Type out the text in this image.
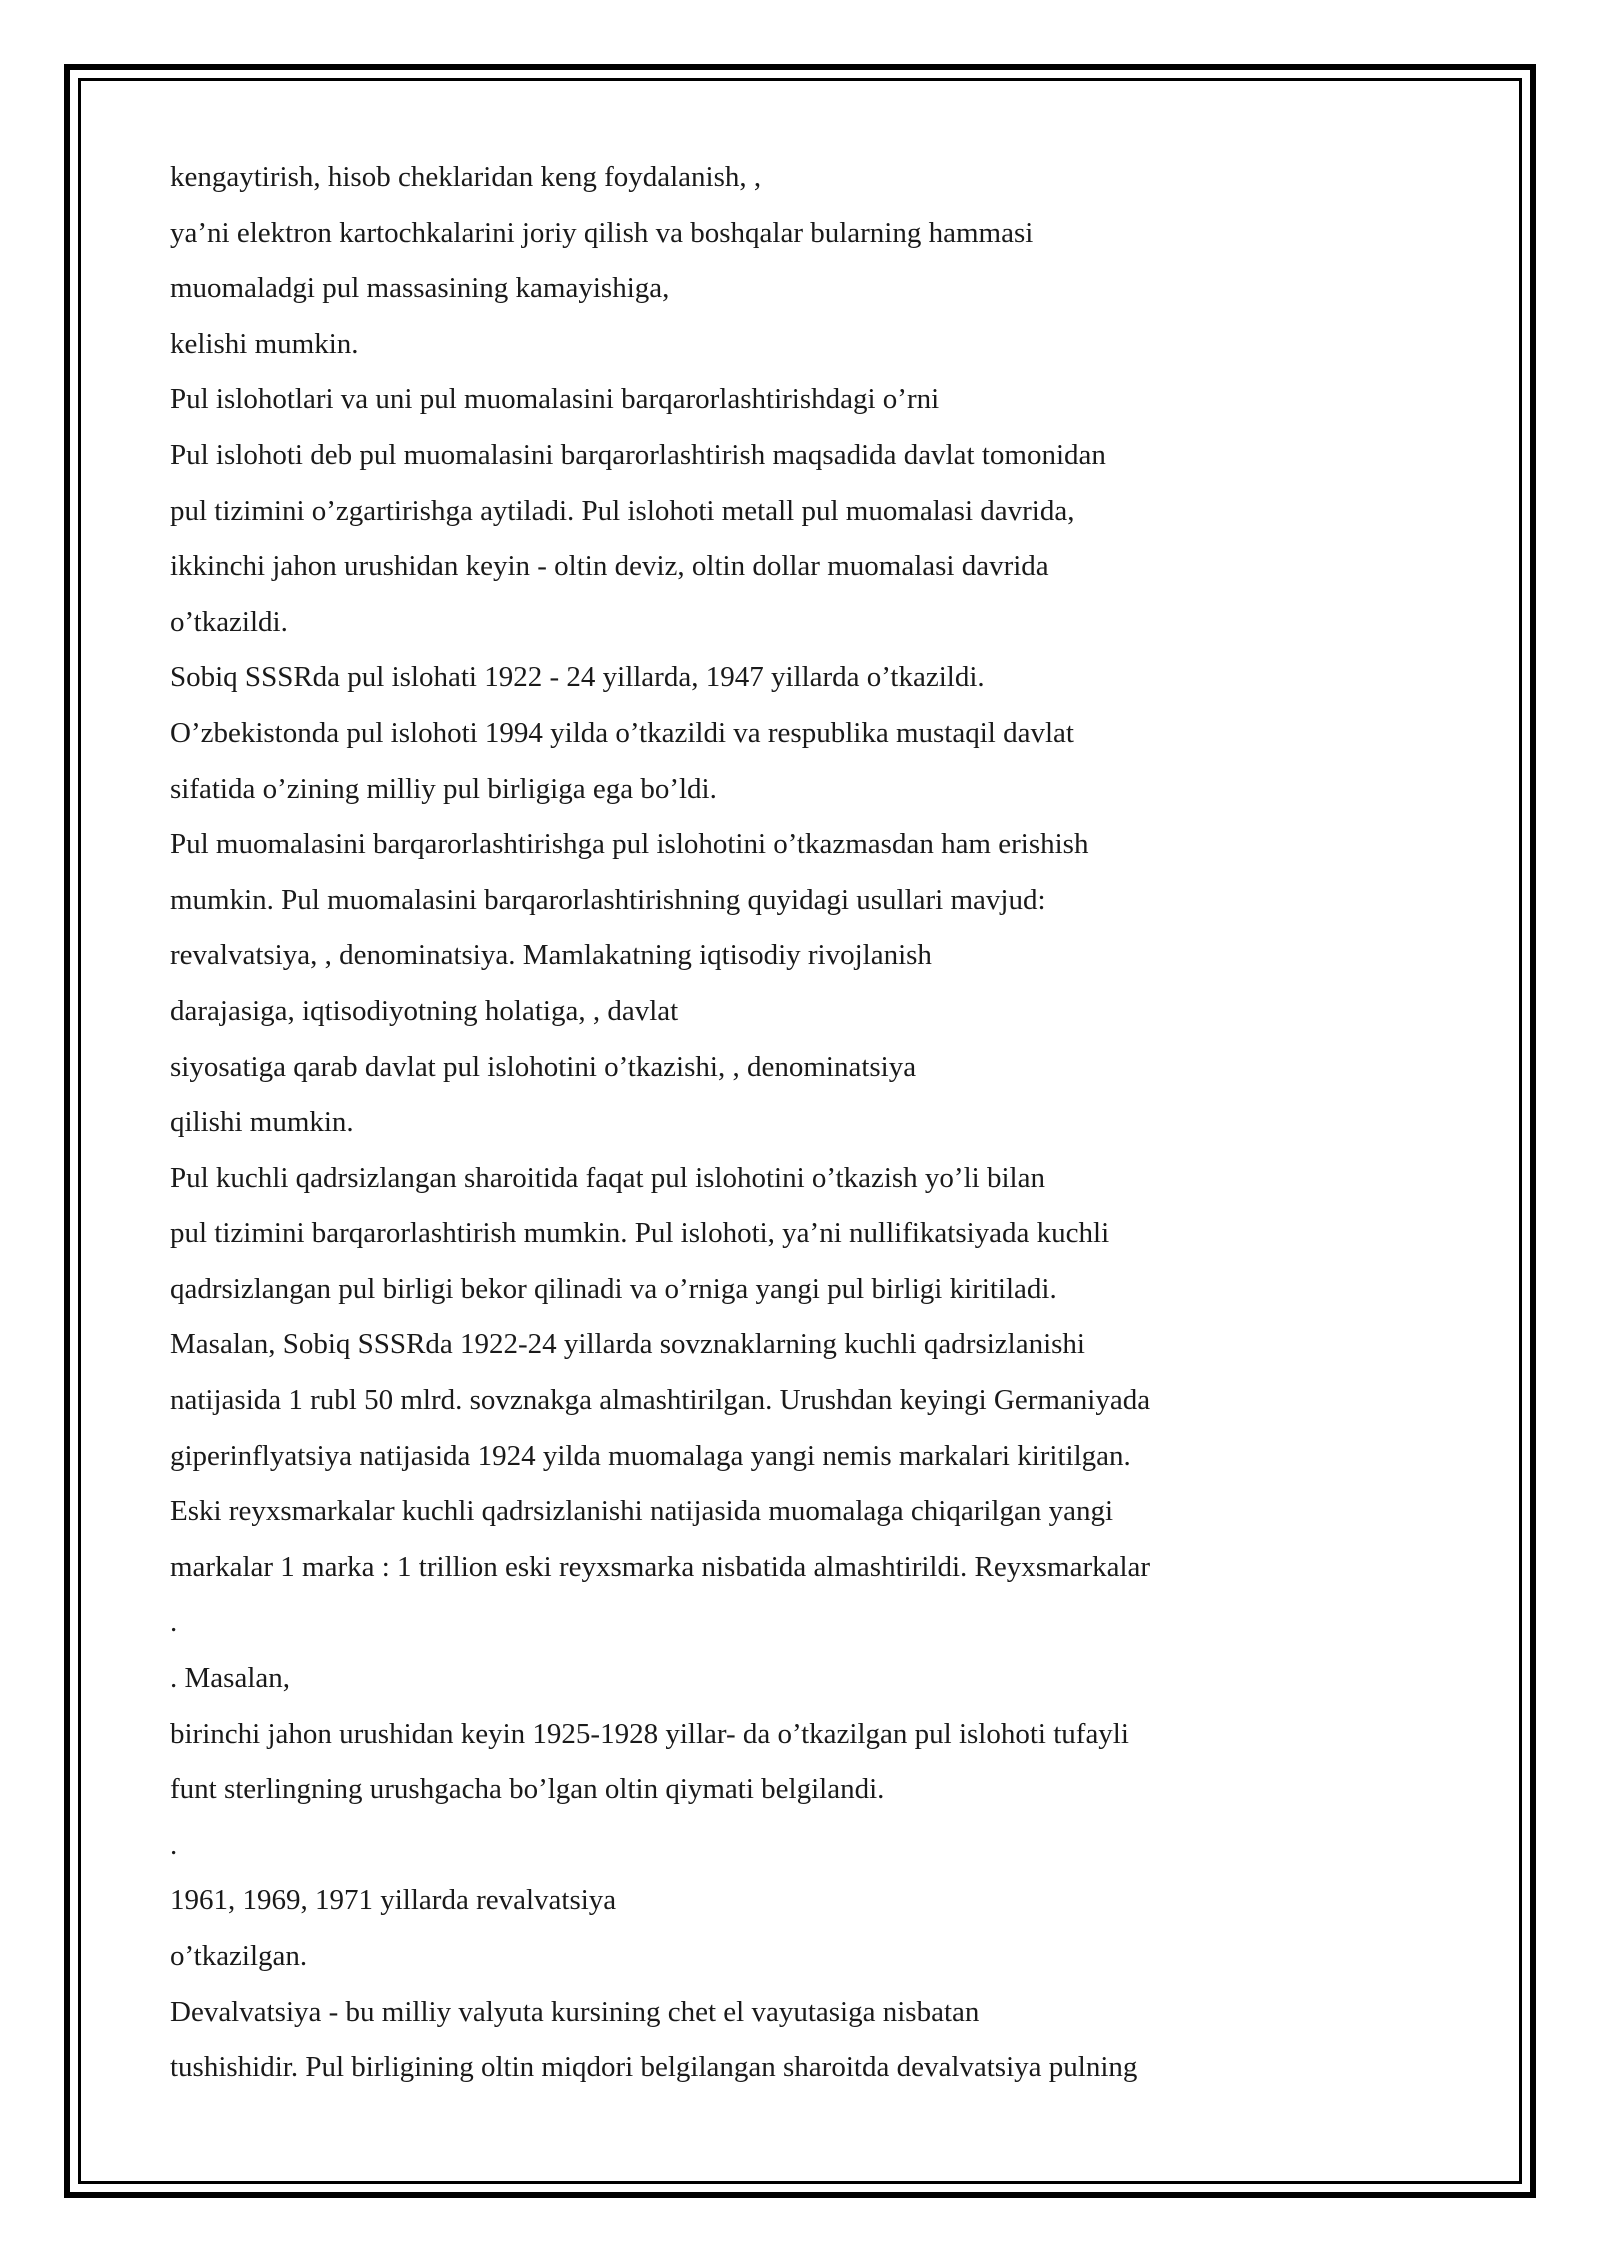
kengaytirish, hisob cheklaridan keng foydalanish, ,
ya’ni elektron kartochkalarini joriy qilish va boshqalar bularning hammasi
muomaladgi pul massasining kamayishiga,
kelishi mumkin.
Pul islohotlari va uni pul muomalasini barqarorlashtirishdagi o’rni
Pul islohoti deb pul muomalasini barqarorlashtirish maqsadida davlat tomonidan
pul tizimini o’zgartirishga aytiladi. Pul islohoti metall pul muomalasi davrida,
ikkinchi jahon urushidan keyin - oltin deviz, oltin dollar muomalasi davrida
o’tkazildi.
Sobiq SSSRda pul islohati 1922 - 24 yillarda, 1947 yillarda o’tkazildi.
O’zbekistonda pul islohoti 1994 yilda o’tkazildi va respublika mustaqil davlat
sifatida o’zining milliy pul birligiga ega bo’ldi.
Pul muomalasini barqarorlashtirishga pul islohotini o’tkazmasdan ham erishish
mumkin. Pul muomalasini barqarorlashtirishning quyidagi usullari mavjud:
revalvatsiya, , denominatsiya. Mamlakatning iqtisodiy rivojlanish
darajasiga, iqtisodiyotning holatiga, , davlat
siyosatiga qarab davlat pul islohotini o’tkazishi, , denominatsiya
qilishi mumkin.
Pul kuchli qadrsizlangan sharoitida faqat pul islohotini o’tkazish yo’li bilan
pul tizimini barqarorlashtirish mumkin. Pul islohoti, ya’ni nullifikatsiyada kuchli
qadrsizlangan pul birligi bekor qilinadi va o’rniga yangi pul birligi kiritiladi.
Masalan, Sobiq SSSRda 1922-24 yillarda sovznaklarning kuchli qadrsizlanishi
natijasida 1 rubl 50 mlrd. sovznakga almashtirilgan. Urushdan keyingi Germaniyada
giperinflyatsiya natijasida 1924 yilda muomalaga yangi nemis markalari kiritilgan.
Eski reyxsmarkalar kuchli qadrsizlanishi natijasida muomalaga chiqarilgan yangi
markalar 1 marka : 1 trillion eski reyxsmarka nisbatida almashtirildi. Reyxsmarkalar
.
. Masalan,
birinchi jahon urushidan keyin 1925-1928 yillar- da o’tkazilgan pul islohoti tufayli
funt sterlingning urushgacha bo’lgan oltin qiymati belgilandi.
.
1961, 1969, 1971 yillarda revalvatsiya
o’tkazilgan.
Devalvatsiya - bu milliy valyuta kursining chet el vayutasiga nisbatan
tushishidir. Pul birligining oltin miqdori belgilangan sharoitda devalvatsiya pulning
